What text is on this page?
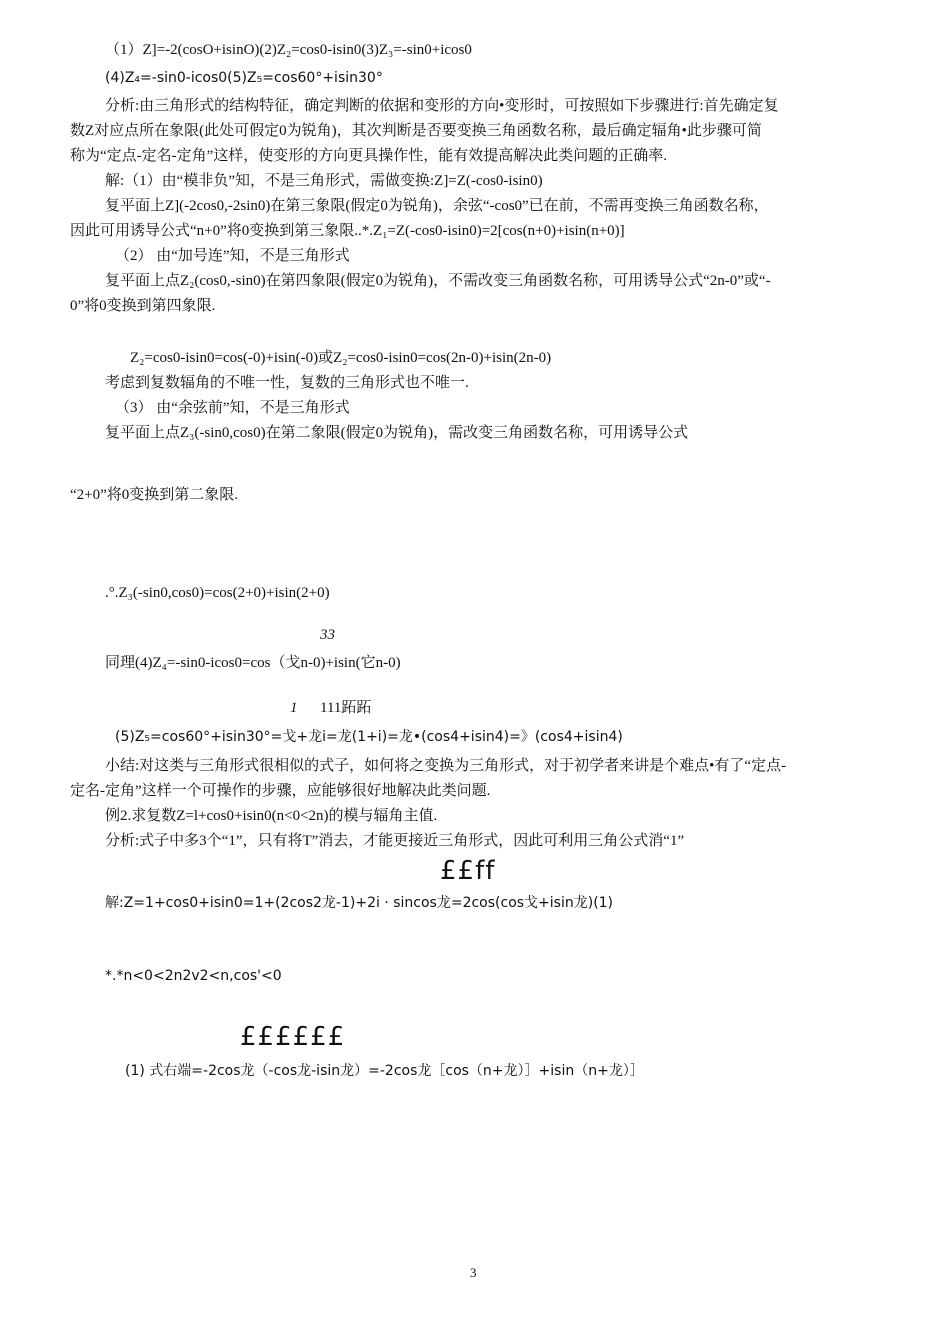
（1）Z]=-2(cosO+isinO)(2)Z₂=cos0-isin0(3)Z₃=-sin0+icos0
(4)Z₄=-sin0-icos0(5)Z₅=cos60°+isin30°
分析:由三角形式的结构特征，确定判断的依据和变形的方向•变形时，可按照如下步骤进行:首先确定复
数Z对应点所在象限(此处可假定0为锐角)，其次判断是否要变换三角函数名称，最后确定辐角•此步骤可简
称为“定点-定名-定角”这样，使变形的方向更具操作性，能有效提高解决此类问题的正确率.
解:（1）由“模非负”知，不是三角形式，需做变换:Z]=Z(-cos0-isin0)
复平面上Z](-2cos0,-2sin0)在第三象限(假定0为锐角)，余弦“-cos0”已在前，不需再变换三角函数名称，
因此可用诱导公式“n+0”将0变换到第三象限..*.Z₁=Z(-cos0-isin0)=2[cos(n+0)+isin(n+0)]
（2） 由“加号连”知，不是三角形式
复平面上点Z₂(cos0,-sin0)在第四象限(假定0为锐角)，不需改变三角函数名称，可用诱导公式“2n-0”或“-
0”将0变换到第四象限.
Z₂=cos0-isin0=cos(-0)+isin(-0)或Z₂=cos0-isin0=cos(2n-0)+isin(2n-0)
考虑到复数辐角的不唯一性，复数的三角形式也不唯一.
（3） 由“余弦前”知，不是三角形式
复平面上点Z₃(-sin0,cos0)在第二象限(假定0为锐角)，需改变三角函数名称，可用诱导公式
“2+0”将0变换到第二象限.
.°.Z₃(-sin0,cos0)=cos(2+0)+isin(2+0)
33
同理(4)Z₄=-sin0-icos0=cos（戈n-0)+isin(它n-0)
1 111跖跖
(5)Z₅=cos60°+isin30°=戈+龙i=龙(1+i)=龙•(cos4+isin4)=》(cos4+isin4)
小结:对这类与三角形式很相似的式子，如何将之变换为三角形式，对于初学者来讲是个难点•有了“定点-
定名-定角”这样一个可操作的步骤，应能够很好地解决此类问题.
例2.求复数Z=l+cos0+isin0(n<0<2n)的模与辐角主值.
分析:式子中多3个“1”，只有将T”消去，才能更接近三角形式，因此可利用三角公式消“1”
££ff
解:Z=1+cos0+isin0=1+(2cos2龙-1)+2i · sincos龙=2cos(cos戈+isin龙)(1)
*.*n<0<2n2v2<n,cos'<0
££££££
(1) 式右端=-2cos龙（-cos龙-isin龙）=-2cos龙［cos（n+龙）］+isin（n+龙）］
3
